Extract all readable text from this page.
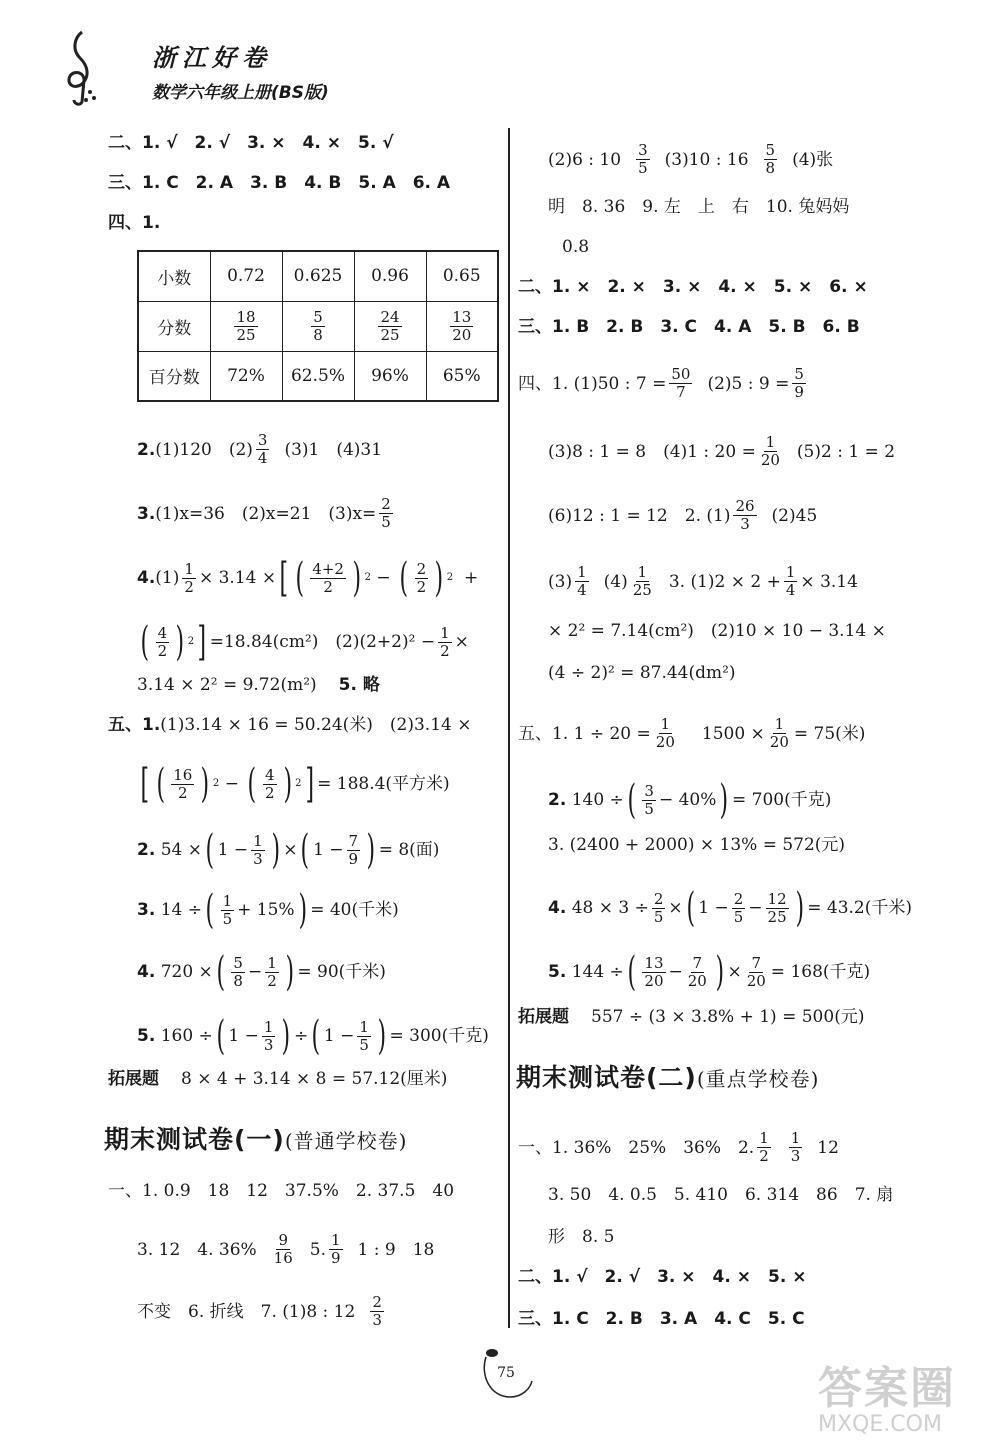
浙江好卷
数学六年级上册(BS版)
二、1. √　2. √　3. ×　4. ×　5. √
三、1. C　2. A　3. B　4. B　5. A　6. A
四、1.
小数	0.72	0.625	0.96	0.65
分数	$\frac{18}{25}$	$\frac{5}{8}$	$\frac{24}{25}$	$\frac{13}{20}$

百分数	72%	62.5%	96%	65%
2. (1)120　$(2) \frac{3}{4} (3)1$　(4)31
3. (1)x=36　(2)x=21　$(3)x= \frac{2}{5}$
4. $(1) \frac{1}{2} \times 3.14$ × [ ( $\frac{4+2}{2}$ ) 2 − ( $\frac{2}{2}$ ) 2 +
( $\frac{4}{2}$ ) 2 ] =18.84(cm²)　$(2)(2+2)^2 - \frac{1}{2}$ ×
3.14 × 2² = 9.72(m²) 5. 略
五、1. (1)3.14 × 16 = 50.24(米)　(2)3.14 ×
[ ( $\frac{16}{2}$ ) 2 − ( $\frac{4}{2}$ ) 2 ] = 188.4(平方米)
2. 54 × ( $1 - \frac{1}{3}$ ) × ( $1 - \frac{7}{9}$ ) = 8(面)
3. 14 ÷ ( $\frac{1}{5} + 15\%$ ) = 40(千米)
4. 720 × ( $\frac{5}{8} - \frac{1}{2}$ ) = 90(千米)
5. 160 ÷ ( $1 - \frac{1}{3}$ ) ÷ ( $1 - \frac{1}{5}$ ) = 300(千克)
拓展题 8 × 4 + 3.14 × 8 = 57.12(厘米)
期末测试卷(一)(普通学校卷)
一、1. 0.9　18　12　37.5%　2. 37.5　40
3. 12　4. $36\% \frac{9}{16} 5$. $\frac{1}{9} 1$ : 9　18
不变　6. 折线　7. (1)8 : $12 \frac{2}{3}$
(2)6 : $10 \frac{3}{5} (3)10$ : $16 \frac{5}{8} (4)$张
明　8. 36　9. 左　上　右　10. 兔妈妈
0.8
二、1. ×　2. ×　3. ×　4. ×　5. ×　6. ×
三、1. B　2. B　3. C　4. A　5. B　6. B
四、1. (1)50 : $7 = \frac{50}{7} (2)5$ : $9 = \frac{5}{9}$
(3)8 : 1 = 8　(4)1 : $20 = \frac{1}{20} (5)2$ : 1 = 2
(6)12 : 1 = 12　2. $(1) \frac{26}{3} (2)45$
$(3) \frac{1}{4} (4) \frac{1}{25} 3$. $(1)2 \times 2 + \frac{1}{4} \times 3.14$
× 2² = 7.14(cm²)　(2)10 × 10 − 3.14 ×
(4 ÷ 2)² = 87.44(dm²)
五、1. $1 \div 20 = \frac{1}{20} 1500 \times \frac{1}{20} = 75$(米)
2. 140 ÷ ( $\frac{3}{5} - 40\%$ ) = 700(千克)
3. (2400 + 2000) × 13% = 572(元)
4. $48 \times 3 \div \frac{2}{5}$ × ( $1 - \frac{2}{5} - \frac{12}{25}$ ) = 43.2(千米)
5. 144 ÷ ( $\frac{13}{20} - \frac{7}{20}$ ) × $\frac{7}{20} = 168$(千克)
拓展题 557 ÷ (3 × 3.8% + 1) = 500(元)
期末测试卷(二)(重点学校卷)
一、1. 36%　25%　36%　2. $\frac{1}{2} \frac{1}{3} 12$
3. 50　4. 0.5　5. 410　6. 314　86　7. 扇
形　8. 5
二、1. √　2. √　3. ×　4. ×　5. ×
三、1. C　2. B　3. A　4. C　5. C
75	答案圈
MXQE.COM
